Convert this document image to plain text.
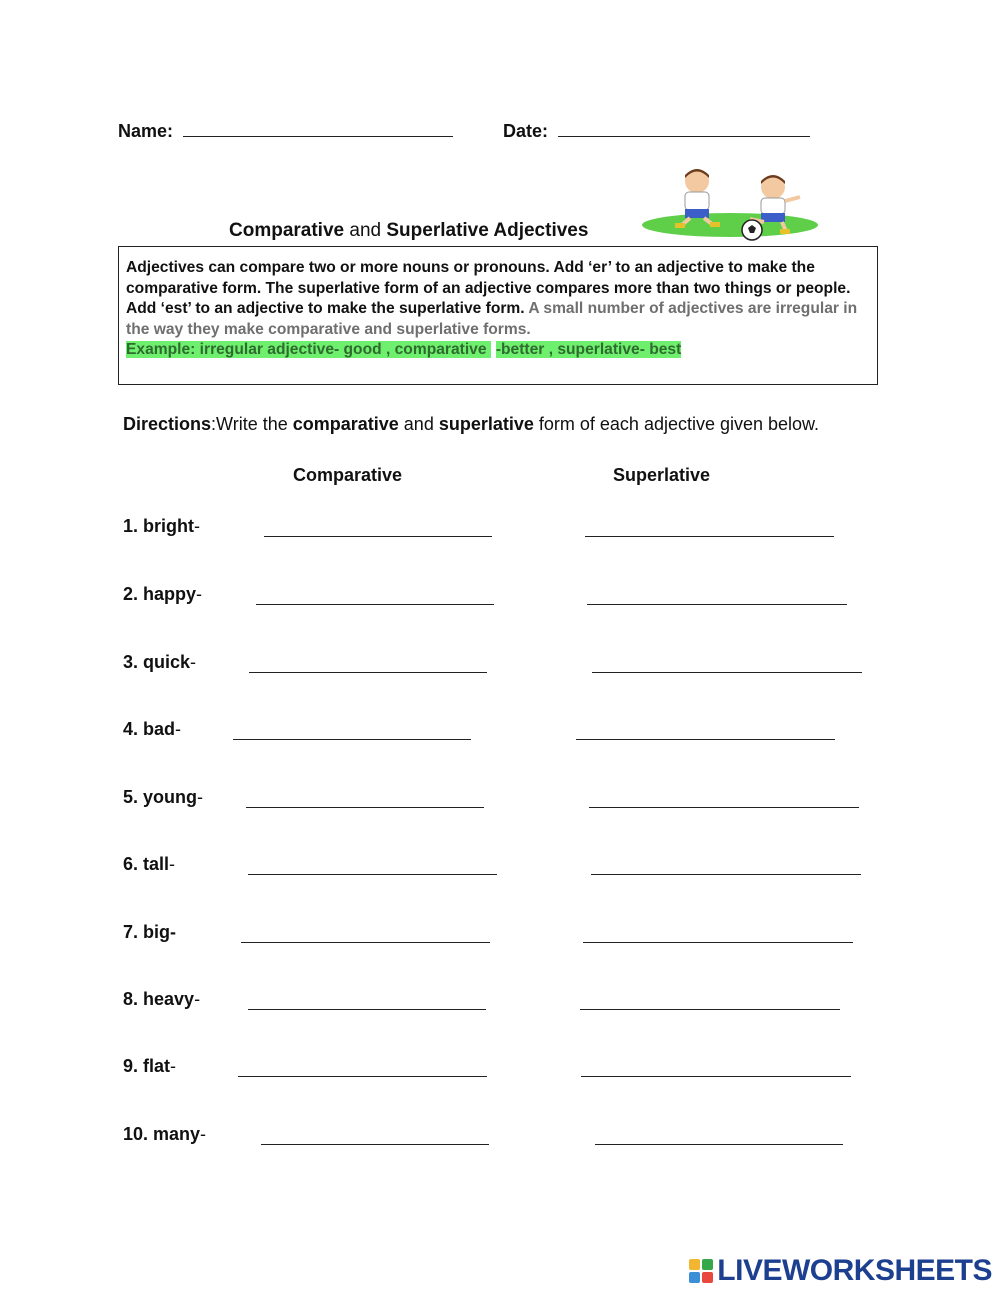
Name:	Date:
Comparative and Superlative Adjectives
Adjectives can compare two or more nouns or pronouns. Add ‘er’ to an adjective to make the comparative form. The superlative form of an adjective compares more than two things or people. Add ‘est’ to an adjective to make the superlative form. A small number of adjectives are irregular in the way they make comparative and superlative forms.
Example: irregular adjective- good , comparative -better , superlative- best
Directions:Write the comparative and superlative form of each adjective given below.
Comparative	Superlative
1. bright-
2. happy-
3. quick-
4. bad-
5. young-
6. tall-
7. big-
8. heavy-
9. flat-
10. many-
LIVEWORKSHEETS
